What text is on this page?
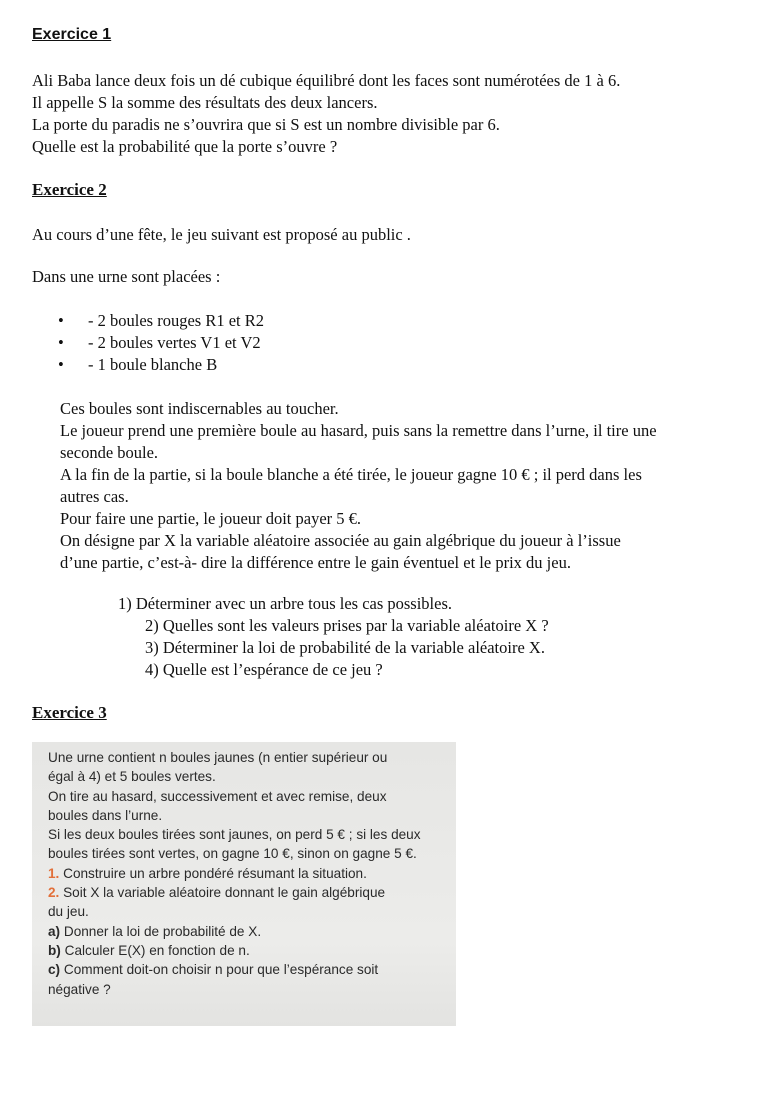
Exercice 1

Ali Baba lance deux fois un dé cubique équilibré dont les faces sont numérotées de 1 à 6.

Il appelle S la somme des résultats des deux lancers.

La porte du paradis ne s’ouvrira que si S est un nombre divisible par 6.

Quelle est la probabilité que la porte s’ouvre ?

Exercice 2
Au cours d’une fête, le jeu suivant est proposé au public .
Dans une urne sont placées :
• - 2 boules rouges R1 et R2
• - 2 boules vertes V1 et V2
• - 1 boule blanche B

Ces boules sont indiscernables au toucher.

Le joueur prend une première boule au hasard, puis sans la remettre dans l’urne, il tire une

seconde boule.

A la fin de la partie, si la boule blanche a été tirée, le joueur gagne 10 € ; il perd dans les

autres cas.

Pour faire une partie, le joueur doit payer 5 €.

On désigne par X la variable aléatoire associée au gain algébrique du joueur à l’issue

d’une partie, c’est-à- dire la différence entre le gain éventuel et le prix du jeu.

1) Déterminer avec un arbre tous les cas possibles.
2) Quelles sont les valeurs prises par la variable aléatoire X ?
3) Déterminer la loi de probabilité de la variable aléatoire X.
4) Quelle est l’espérance de ce jeu ?
Exercice 3

Une urne contient n boules jaunes (n entier supérieur ou

égal à 4) et 5 boules vertes.

On tire au hasard, successivement et avec remise, deux

boules dans l’urne.

Si les deux boules tirées sont jaunes, on perd 5 € ; si les deux

boules tirées sont vertes, on gagne 10 €, sinon on gagne 5 €.

1. Construire un arbre pondéré résumant la situation.

2. Soit X la variable aléatoire donnant le gain algébrique

du jeu.

a) Donner la loi de probabilité de X.

b) Calculer E(X) en fonction de n.

c) Comment doit-on choisir n pour que l’espérance soit

négative ?
